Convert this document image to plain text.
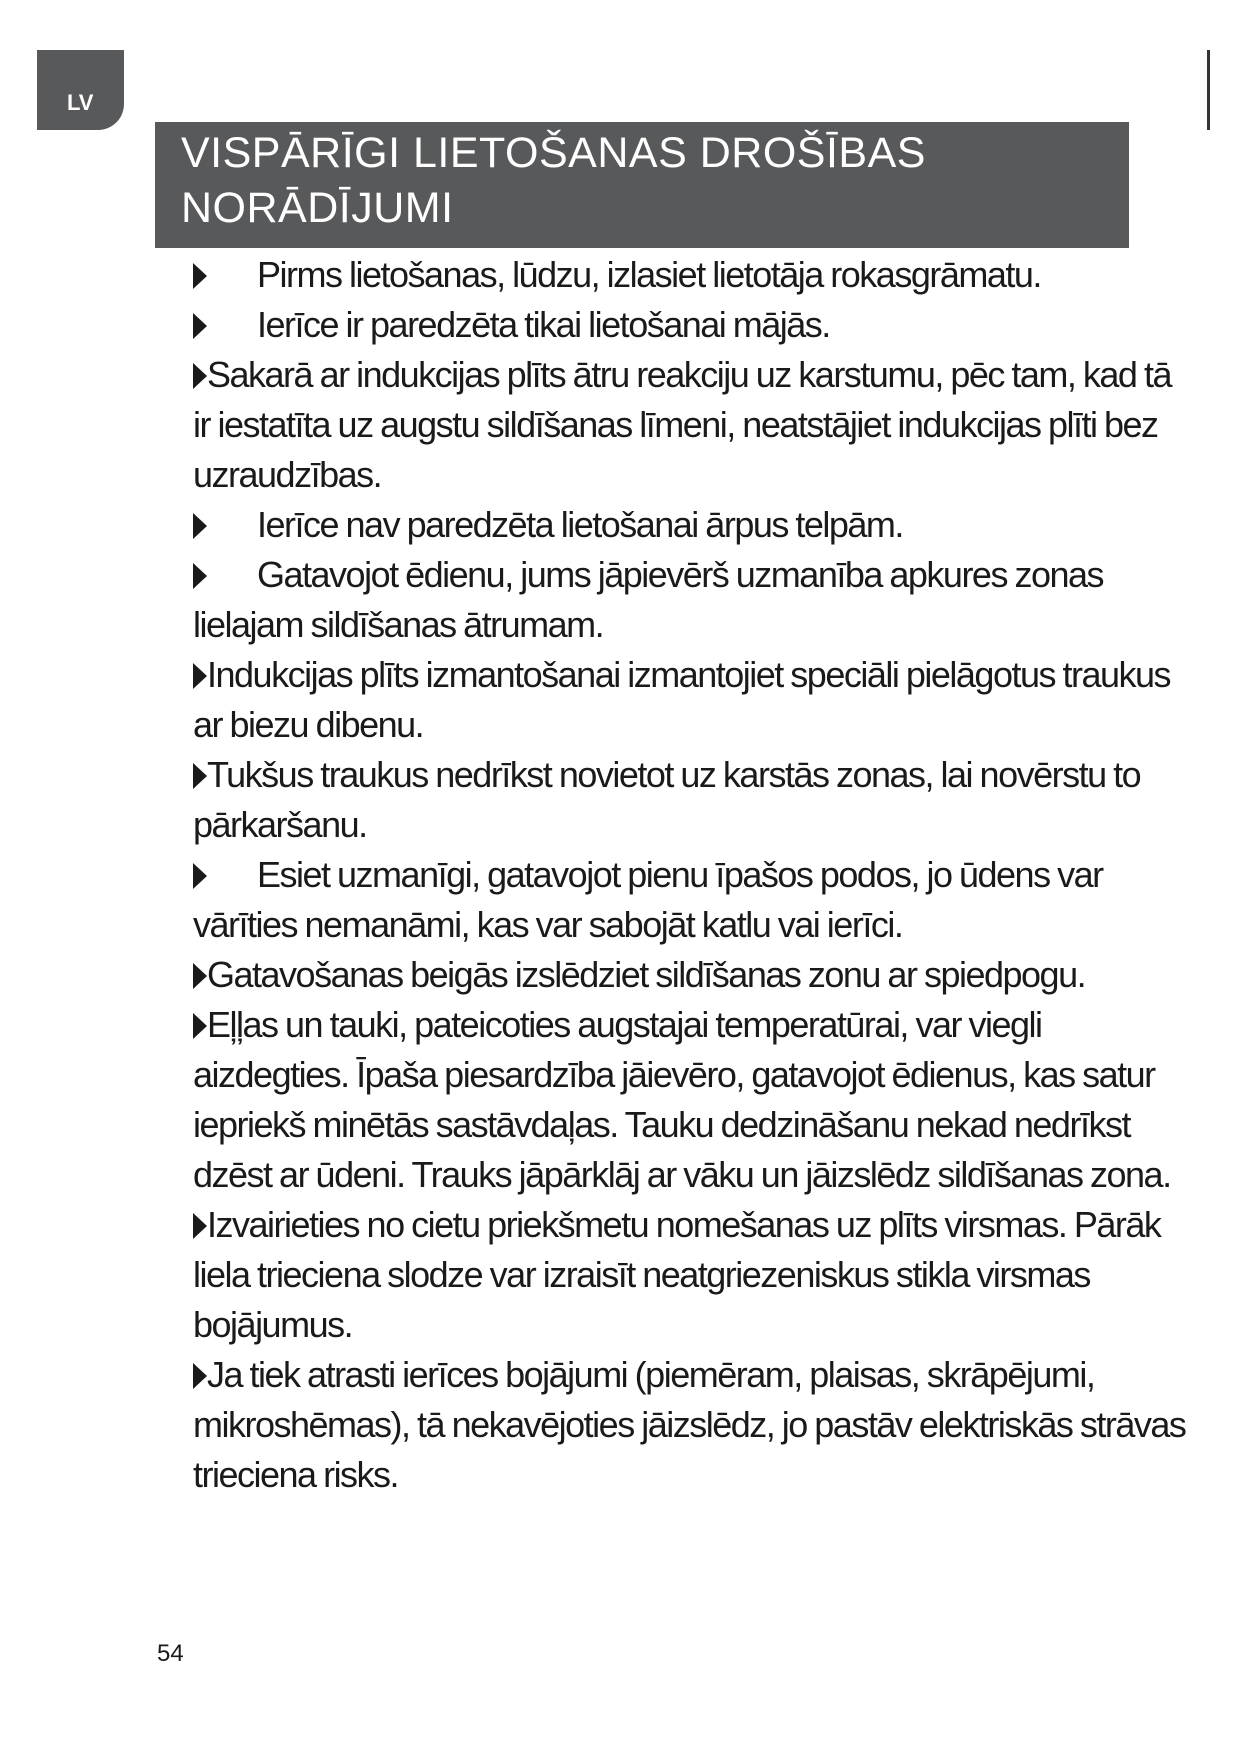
LV
VISPĀRĪGI LIETOŠANAS DROŠĪBAS
NORĀDĪJUMI
Pirms lietošanas, lūdzu, izlasiet lietotāja rokasgrāmatu.
Ierīce ir paredzēta tikai lietošanai mājās.
Sakarā ar indukcijas plīts ātru reakciju uz karstumu, pēc tam, kad tā ir iestatīta uz augstu sildīšanas līmeni, neatstājiet indukcijas plīti bez uzraudzības.
Ierīce nav paredzēta lietošanai ārpus telpām.
Gatavojot ēdienu, jums jāpievērš uzmanība apkures zonas lielajam sildīšanas ātrumam.
Indukcijas plīts izmantošanai izmantojiet speciāli pielāgotus traukus ar biezu dibenu.
Tukšus traukus nedrīkst novietot uz karstās zonas, lai novērstu to pārkaršanu.
Esiet uzmanīgi, gatavojot pienu īpašos podos, jo ūdens var vārīties nemanāmi, kas var sabojāt katlu vai ierīci.
Gatavošanas beigās izslēdziet sildīšanas zonu ar spiedpogu.
Eļļas un tauki, pateicoties augstajai temperatūrai, var viegli aizdegties. Īpaša piesardzība jāievēro, gatavojot ēdienus, kas satur iepriekš minētās sastāvdaļas. Tauku dedzināšanu nekad nedrīkst dzēst ar ūdeni. Trauks jāpārklāj ar vāku un jāizslēdz sildīšanas zona.
Izvairieties no cietu priekšmetu nomešanas uz plīts virsmas. Pārāk liela trieciena slodze var izraisīt neatgriezeniskus stikla virsmas bojājumus.
Ja tiek atrasti ierīces bojājumi (piemēram, plaisas, skrāpējumi, mikroshēmas), tā nekavējoties jāizslēdz, jo pastāv elektriskās strāvas trieciena risks.
54
